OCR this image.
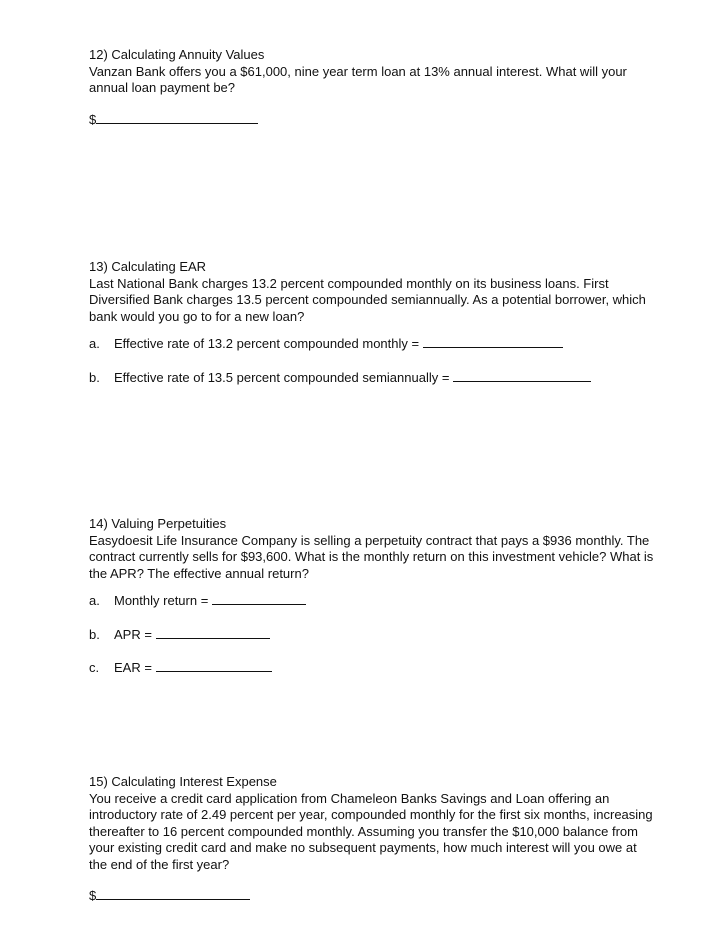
12) Calculating Annuity Values
Vanzan Bank offers you a $61,000, nine year term loan at 13% annual interest. What will your annual loan payment be?
$
13) Calculating EAR
Last National Bank charges 13.2 percent compounded monthly on its business loans. First Diversified Bank charges 13.5 percent compounded semiannually. As a potential borrower, which bank would you go to for a new loan?
a. Effective rate of 13.2 percent compounded monthly =
b. Effective rate of 13.5 percent compounded semiannually =
14) Valuing Perpetuities
Easydoesit Life Insurance Company is selling a perpetuity contract that pays a $936 monthly. The contract currently sells for $93,600. What is the monthly return on this investment vehicle? What is the APR? The effective annual return?
a. Monthly return =
b. APR =
c. EAR =
15) Calculating Interest Expense
You receive a credit card application from Chameleon Banks Savings and Loan offering an introductory rate of 2.49 percent per year, compounded monthly for the first six months, increasing thereafter to 16 percent compounded monthly. Assuming you transfer the $10,000 balance from your existing credit card and make no subsequent payments, how much interest will you owe at the end of the first year?
$
